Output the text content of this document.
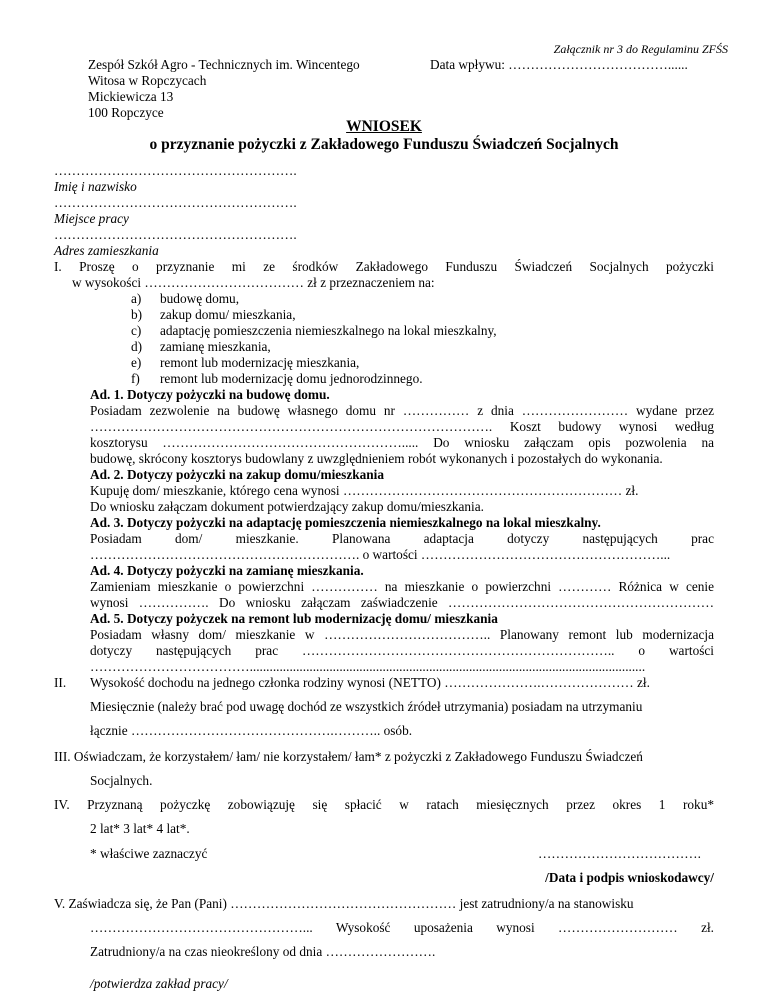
Załącznik nr 3 do Regulaminu ZFŚS
Data wpływu: ………………………………......
Zespół Szkół Agro - Technicznych im. Wincentego
Witosa w Ropczycach
Mickiewicza 13
100 Ropczyce
WNIOSEK
o przyznanie pożyczki z Zakładowego Funduszu Świadczeń Socjalnych
……………………………………………….
Imię i nazwisko
……………………………………………….
Miejsce pracy
……………………………………………….
Adres zamieszkania
I. Proszę o przyznanie mi ze środków Zakładowego Funduszu Świadczeń Socjalnych pożyczki
w wysokości ……………………………… zł z przeznaczeniem na:
a) budowę domu,
b) zakup domu/ mieszkania,
c) adaptację pomieszczenia niemieszkalnego na lokal mieszkalny,
d) zamianę mieszkania,
e) remont lub modernizację mieszkania,
f) remont lub modernizację domu jednorodzinnego.
Ad. 1. Dotyczy pożyczki na budowę domu.
Posiadam zezwolenie na budowę własnego domu nr …………… z dnia …………………… wydane przez
………………………………………………………………………………. Koszt budowy wynosi według
kosztorysu ………………………………………………..... Do wniosku załączam opis pozwolenia na
budowę, skrócony kosztorys budowlany z uwzględnieniem robót wykonanych i pozostałych do wykonania.
Ad. 2. Dotyczy pożyczki na zakup domu/mieszkania
Kupuję dom/ mieszkanie, którego cena wynosi ……………………………………………………… zł.
Do wniosku załączam dokument potwierdzający zakup domu/mieszkania.
Ad. 3. Dotyczy pożyczki na adaptację pomieszczenia niemieszkalnego na lokal mieszkalny.
Posiadam dom/ mieszkanie. Planowana adaptacja dotyczy następujących prac
……………………………………………………. o wartości ………………………………………………...
Ad. 4. Dotyczy pożyczki na zamianę mieszkania.
Zamieniam mieszkanie o powierzchni …………… na mieszkanie o powierzchni ………… Różnica w cenie
wynosi ……………. Do wniosku załączam zaświadczenie ……………………………………………………
Ad. 5. Dotyczy pożyczek na remont lub modernizację domu/ mieszkania
Posiadam własny dom/ mieszkanie w ……………………………….. Planowany remont lub modernizacja
dotyczy następujących prac …………………………………………………………….. o wartości
……………………………….......................................................................................................................
II. Wysokość dochodu na jednego członka rodziny wynosi (NETTO) ………………….………………… zł.
Miesięcznie (należy brać pod uwagę dochód ze wszystkich źródeł utrzymania) posiadam na utrzymaniu
łącznie ……………………………………….……….. osób.
III. Oświadczam, że korzystałem/ łam/ nie korzystałem/ łam* z pożyczki z Zakładowego Funduszu Świadczeń
Socjalnych.
IV. Przyznaną pożyczkę zobowiązuję się spłacić w ratach miesięcznych przez okres 1 roku*
2 lat* 3 lat* 4 lat*.
* właściwe zaznaczyć	……………………………….
/Data i podpis wnioskodawcy/
V. Zaświadcza się, że Pan (Pani) …………………………………………… jest zatrudniony/a na stanowisku
…………………………………………... Wysokość uposażenia wynosi ……………………… zł.
Zatrudniony/a na czas nieokreślony od dnia …………………….
/potwierdza zakład pracy/
